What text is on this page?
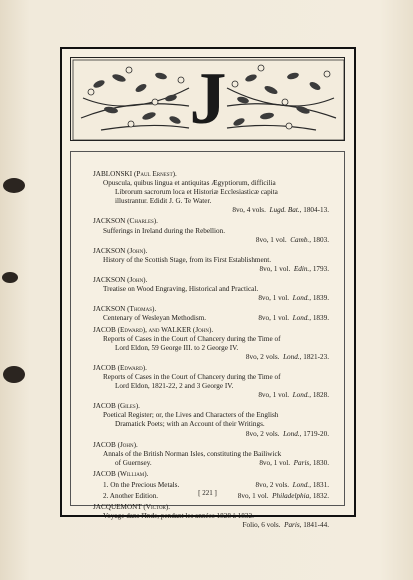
J
JABLONSKI (Paul Ernest).
Opuscula, quibus lingua et antiquitas Ægyptiorum, difficilia
Librorum sacrorum loca et Historiæ Ecclesiasticæ capita
illustrantur. Edidit J. G. Te Water.
8vo, 4 vols. Lugd. Bat., 1804-13.
JACKSON (Charles).
Sufferings in Ireland during the Rebellion.
8vo, 1 vol. Camb., 1803.
JACKSON (John).
History of the Scottish Stage, from its First Establishment.
8vo, 1 vol. Edin., 1793.
JACKSON (John).
Treatise on Wood Engraving, Historical and Practical.
8vo, 1 vol. Lond., 1839.
JACKSON (Thomas).
Centenary of Wesleyan Methodism.	8vo, 1 vol. Lond., 1839.
JACOB (Edward), and WALKER (John).
Reports of Cases in the Court of Chancery during the Time of
Lord Eldon, 59 George III. to 2 George IV.
8vo, 2 vols. Lond., 1821-23.
JACOB (Edward).
Reports of Cases in the Court of Chancery during the Time of
Lord Eldon, 1821-22, 2 and 3 George IV.
8vo, 1 vol. Lond., 1828.
JACOB (Giles).
Poetical Register; or, the Lives and Characters of the English
Dramatick Poets; with an Account of their Writings.
8vo, 2 vols. Lond., 1719-20.
JACOB (John).
Annals of the British Norman Isles, constituting the Bailiwick
of Guernsey.	8vo, 1 vol. Paris, 1830.
JACOB (William).
1. On the Precious Metals.	8vo, 2 vols. Lond., 1831.
2. Another Edition.	8vo, 1 vol. Philadelphia, 1832.
JACQUEMONT (Victor).
Voyage dans l'Inde, pendant les années 1828 à 1832.
Folio, 6 vols. Paris, 1841-44.
[ 221 ]
